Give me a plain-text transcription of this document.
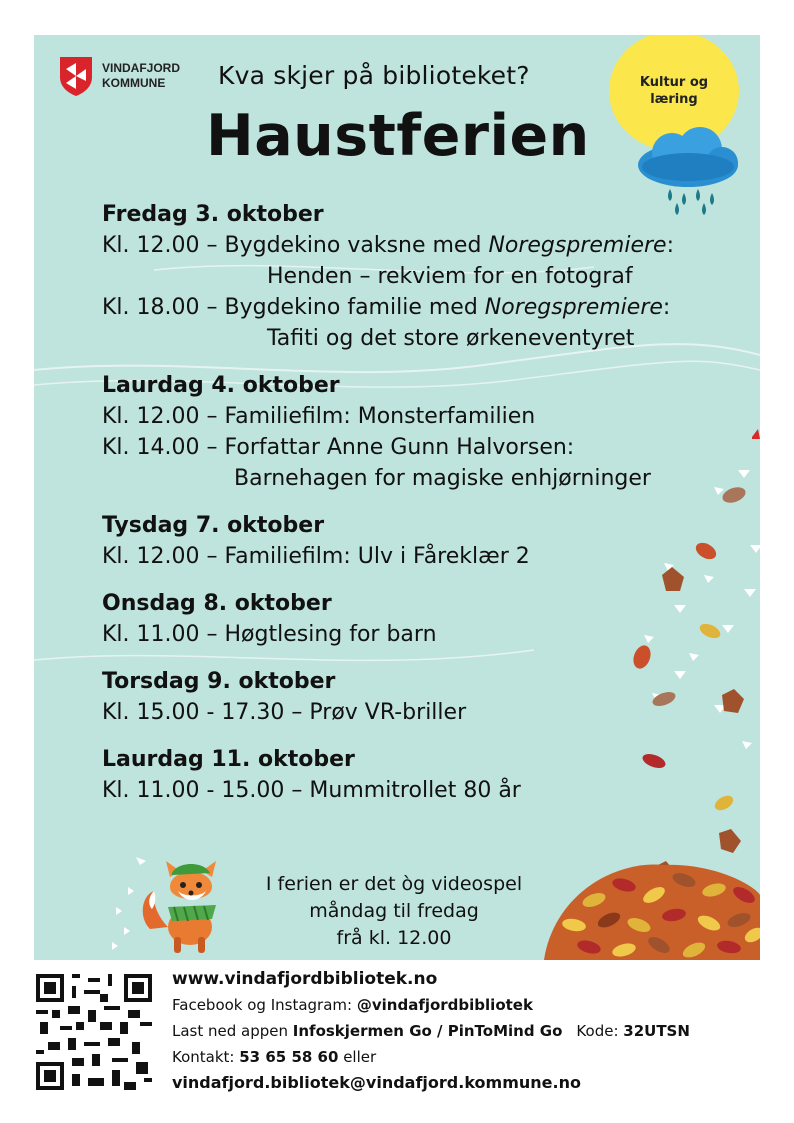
VINDAFJORD
KOMMUNE	Kultur og
læring
Kva skjer på biblioteket?
Haustferien
Fredag 3. oktober
Kl. 12.00 – Bygdekino vaksne med Noregspremiere:
Henden – rekviem for en fotograf
Kl. 18.00 – Bygdekino familie med Noregspremiere:
Tafiti og det store ørkeneventyret
Laurdag 4. oktober
Kl. 12.00 – Familiefilm: Monsterfamilien
Kl. 14.00 – Forfattar Anne Gunn Halvorsen:
Barnehagen for magiske enhjørninger
Tysdag 7. oktober
Kl. 12.00 – Familiefilm: Ulv i Fåreklær 2
Onsdag 8. oktober
Kl. 11.00 – Høgtlesing for barn
Torsdag 9. oktober
Kl. 15.00 - 17.30 – Prøv VR-briller
Laurdag 11. oktober
Kl. 11.00 - 15.00 – Mummitrollet 80 år
I ferien er det òg videospel
måndag til fredag
frå kl. 12.00
www.vindafjordbibliotek.no
Facebook og Instagram: @vindafjordbibliotek
Last ned appen Infoskjermen Go / PinToMind Go Kode: 32UTSN
Kontakt: 53 65 58 60 eller
vindafjord.bibliotek@vindafjord.kommune.no
